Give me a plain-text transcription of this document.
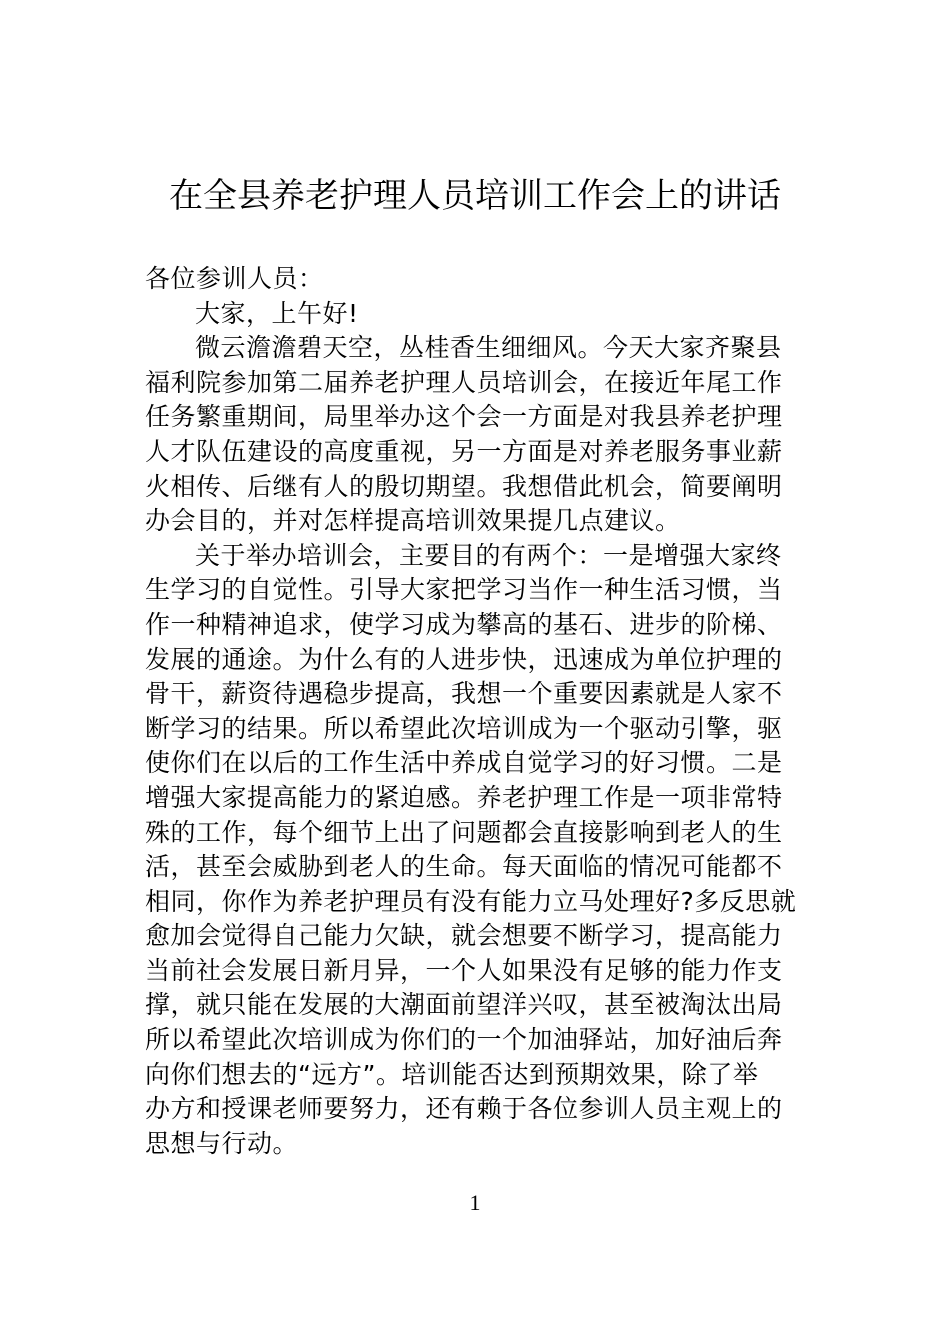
在全县养老护理人员培训工作会上的讲话
各位参训人员：
大家，上午好!
微云澹澹碧天空，丛桂香生细细风。今天大家齐聚县
福利院参加第二届养老护理人员培训会，在接近年尾工作
任务繁重期间，局里举办这个会一方面是对我县养老护理
人才队伍建设的高度重视，另一方面是对养老服务事业薪
火相传、后继有人的殷切期望。我想借此机会，简要阐明
办会目的，并对怎样提高培训效果提几点建议。
关于举办培训会，主要目的有两个：一是增强大家终
生学习的自觉性。引导大家把学习当作一种生活习惯，当
作一种精神追求，使学习成为攀高的基石、进步的阶梯、
发展的通途。为什么有的人进步快，迅速成为单位护理的
骨干，薪资待遇稳步提高，我想一个重要因素就是人家不
断学习的结果。所以希望此次培训成为一个驱动引擎，驱
使你们在以后的工作生活中养成自觉学习的好习惯。二是
增强大家提高能力的紧迫感。养老护理工作是一项非常特
殊的工作，每个细节上出了问题都会直接影响到老人的生
活，甚至会威胁到老人的生命。每天面临的情况可能都不
相同，你作为养老护理员有没有能力立马处理好?多反思就
愈加会觉得自己能力欠缺，就会想要不断学习，提高能力
当前社会发展日新月异，一个人如果没有足够的能力作支
撑，就只能在发展的大潮面前望洋兴叹，甚至被淘汰出局
所以希望此次培训成为你们的一个加油驿站，加好油后奔
向你们想去的“远方”。培训能否达到预期效果，除了举
办方和授课老师要努力，还有赖于各位参训人员主观上的
思想与行动。
1
